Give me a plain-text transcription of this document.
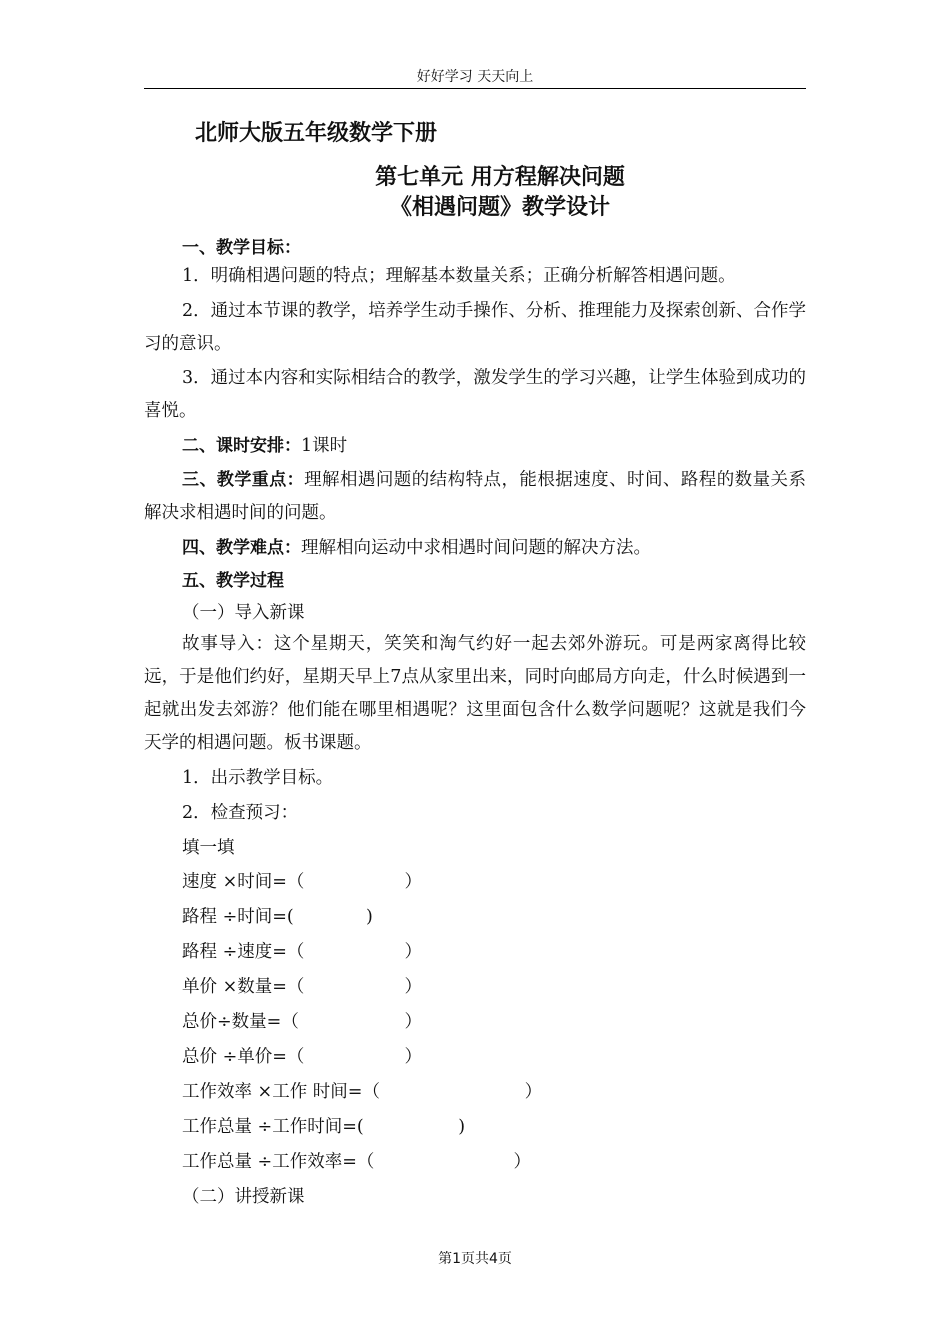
好好学习 天天向上
北师大版五年级数学下册
第七单元 用方程解决问题
《相遇问题》教学设计
一、教学目标：
1．明确相遇问题的特点；理解基本数量关系；正确分析解答相遇问题。
2．通过本节课的教学，培养学生动手操作、分析、推理能力及探索创新、合作学习的意识。
3．通过本内容和实际相结合的教学，激发学生的学习兴趣，让学生体验到成功的喜悦。
二、课时安排：1课时
三、教学重点：理解相遇问题的结构特点，能根据速度、时间、路程的数量关系解决求相遇时间的问题。
四、教学难点：理解相向运动中求相遇时间问题的解决方法。
五、教学过程
（一）导入新课
故事导入：这个星期天，笑笑和淘气约好一起去郊外游玩。可是两家离得比较远，于是他们约好，星期天早上7点从家里出来，同时向邮局方向走，什么时候遇到一起就出发去郊游？他们能在哪里相遇呢？这里面包含什么数学问题呢？这就是我们今天学的相遇问题。板书课题。
1．出示教学目标。
2．检查预习：
填一填
速度 ×时间=（                  ）
路程 ÷时间=(             )
路程 ÷速度=（                  ）
单价 ×数量=（                  ）
总价÷数量=（                   ）
总价 ÷单价=（                  ）
工作效率 ×工作 时间=（                          ）
工作总量 ÷工作时间=(                 )
工作总量 ÷工作效率=（                         ）
（二）讲授新课
第1页共4页
